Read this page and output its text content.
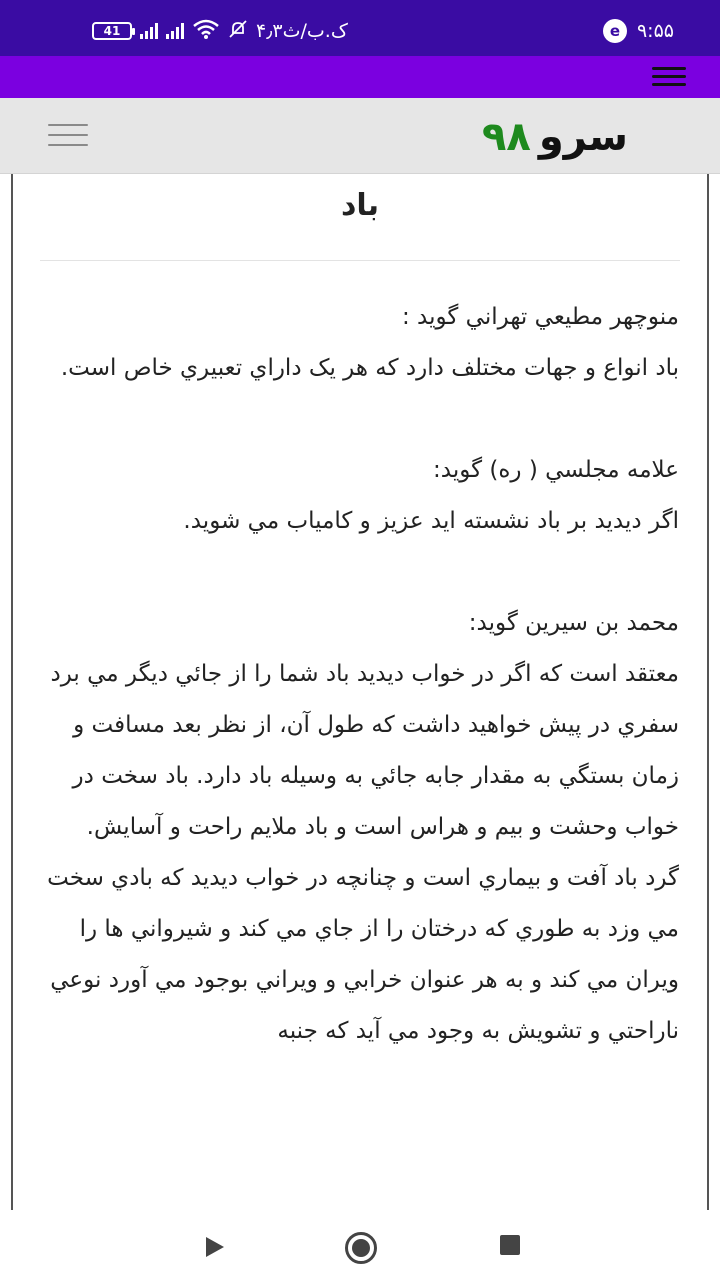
41	۴٫۳ک.ب/ث	e ۹:۵۵
۹۸ سرو
باد

منوچهر مطيعي تهراني گويد :

باد انواع و جهات مختلف دارد که هر يک داراي تعبيري خاص است.

علامه مجلسي ( ره) گويد:

اگر ديديد بر باد نشسته ايد عزيز و کامياب مي شويد.

محمد بن سيرين گويد:

معتقد است که اگر در خواب ديديد باد شما را از جائي ديگر مي برد سفري در پيش خواهيد داشت که طول آن، از نظر بعد مسافت و زمان بستگي به مقدار جابه جائي به وسيله باد دارد. باد سخت در خواب وحشت و بيم و هراس است و باد ملايم راحت و آسايش. گرد باد آفت و بيماري است و چنانچه در خواب ديديد که بادي سخت مي وزد به طوري که درختان را از جاي مي کند و شيرواني ها را ويران مي کند و به هر عنوان خرابي و ويراني بوجود مي آورد نوعي ناراحتي و تشويش به وجود مي آيد که جنبه
